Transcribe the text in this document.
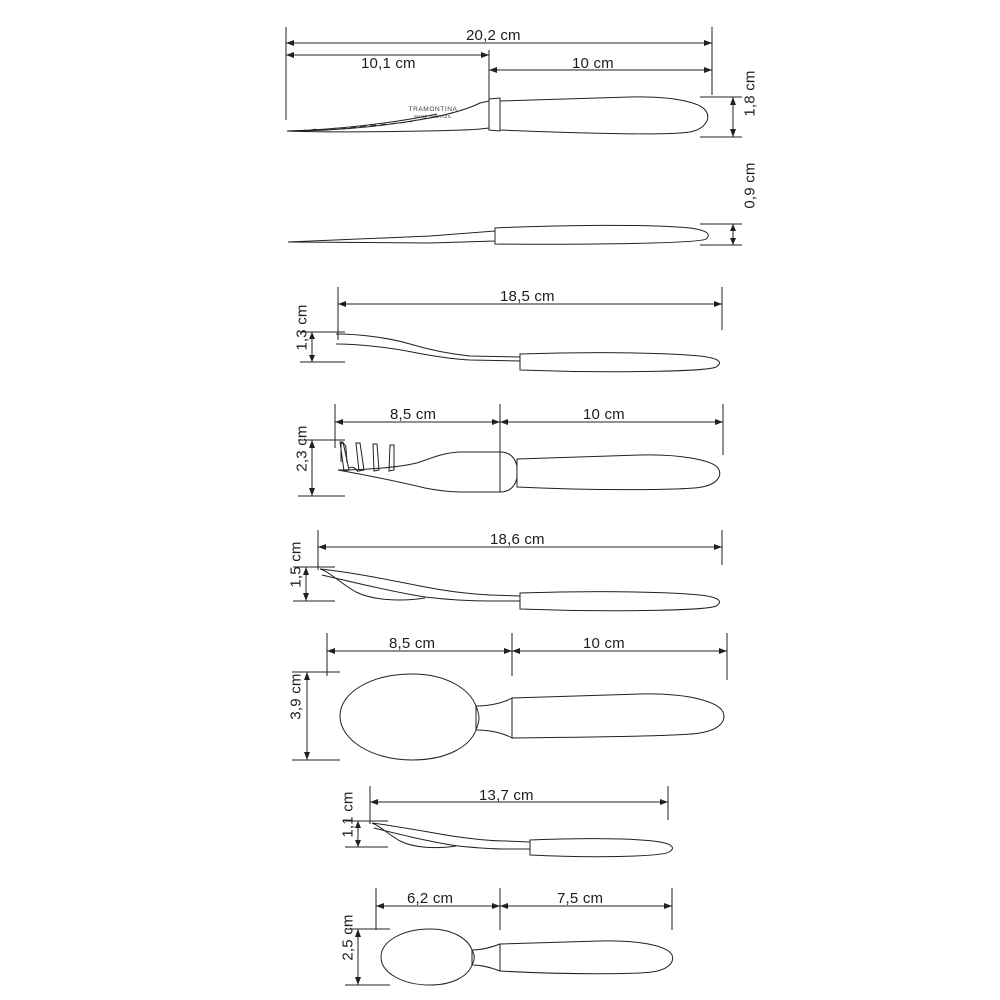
TRAMONTINA
MADE IN BRAZIL
20,2 cm
10,1 cm	10 cm
1,8 cm
0,9 cm
18,5 cm
1,3 cm
8,5 cm	10 cm
2,3 cm
18,6 cm
1,5 cm
8,5 cm	10 cm
3,9 cm
13,7 cm
1,1 cm
6,2 cm	7,5 cm
2,5 cm
